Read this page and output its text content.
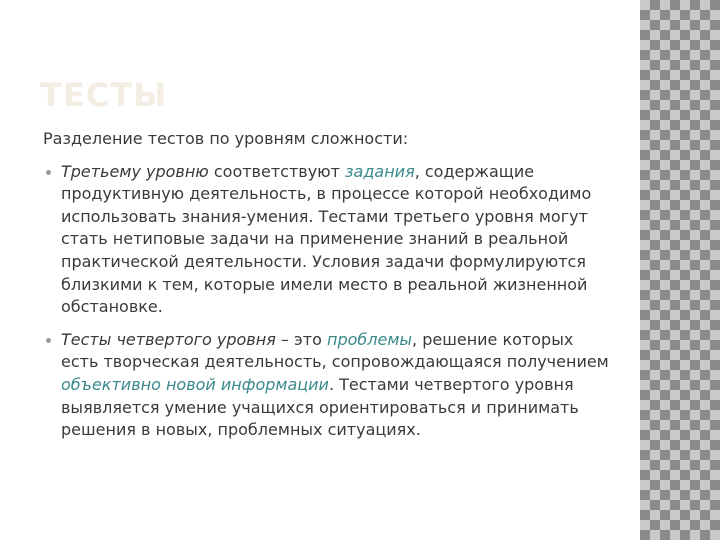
ТЕСТЫ

Разделение тестов по уровням сложности:

Третьему уровню соответствуют задания, содержащие продуктивную деятельность, в процессе которой необходимо использовать знания-умения. Тестами третьего уровня могут стать нетиповые задачи на применение знаний в реальной практической деятельности. Условия задачи формулируются близкими к тем, которые имели место в реальной жизненной обстановке.
Тесты четвертого уровня – это проблемы, решение которых есть творческая деятельность, сопровождающаяся получением объективно новой информации. Тестами четвертого уровня выявляется умение учащихся ориентироваться и принимать решения в новых, проблемных ситуациях.
